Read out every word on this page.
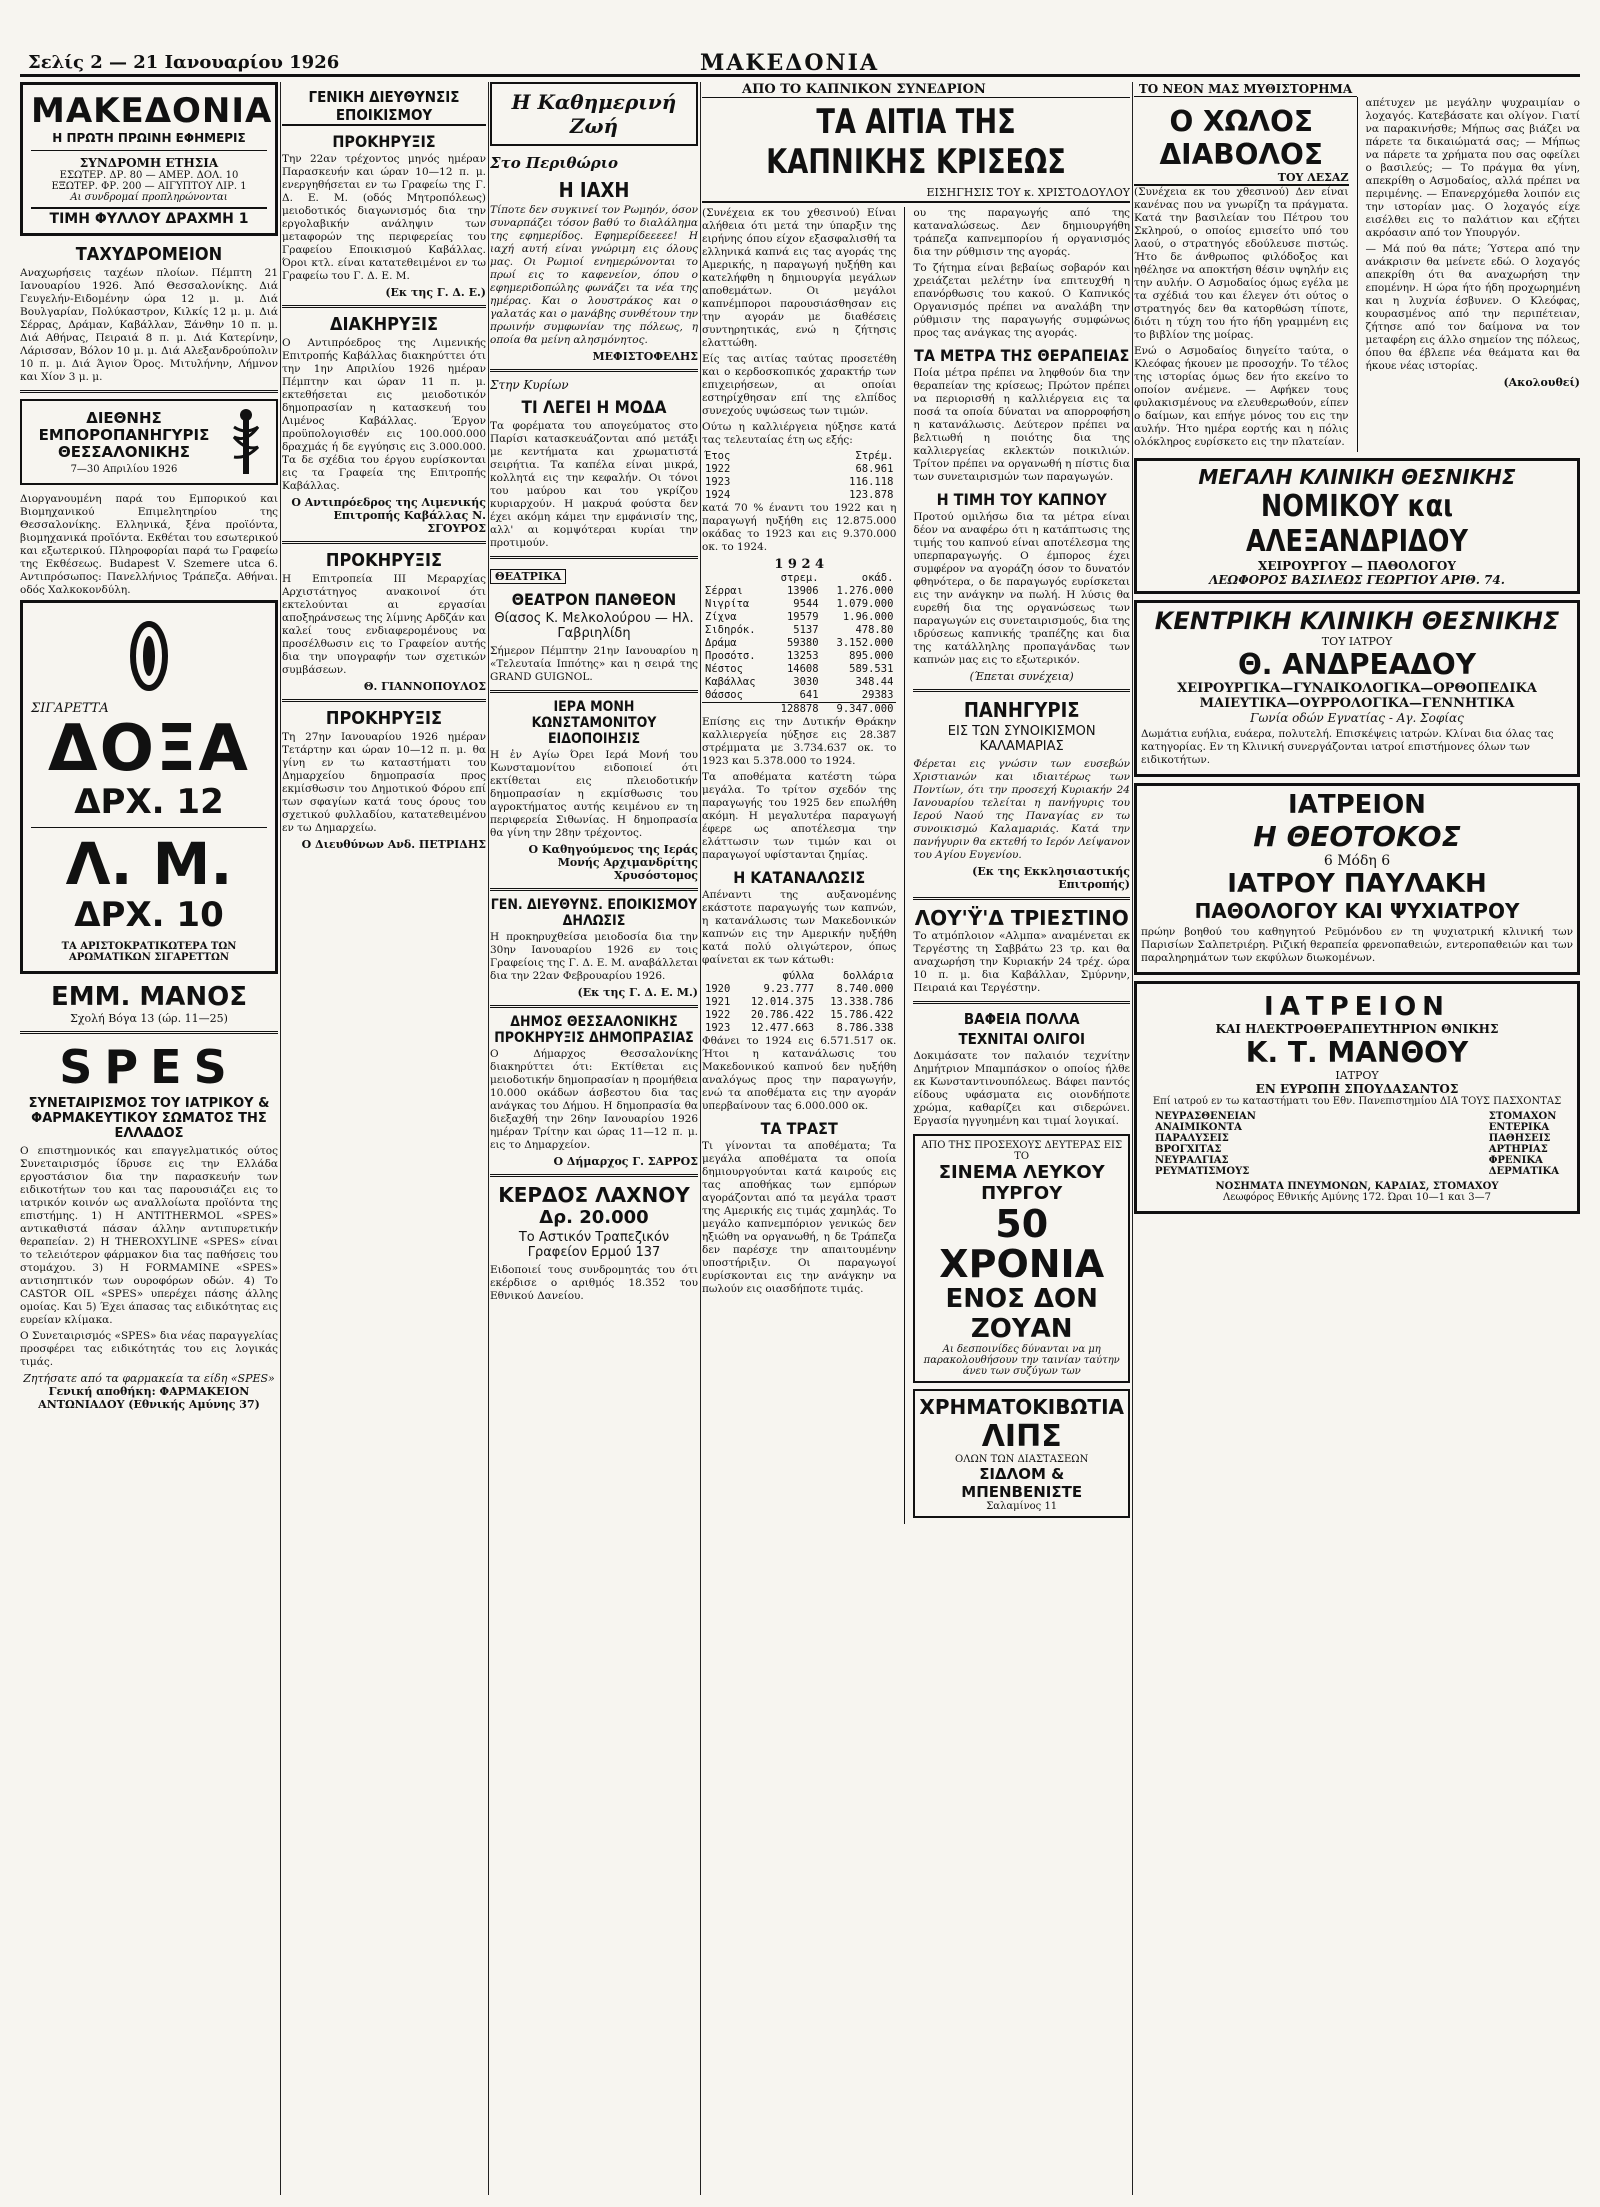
Σελίς 2 — 21 Ιανουαρίου 1926	ΜΑΚΕΔΟΝΙΑ
ΜΑΚΕΔΟΝΙΑ
Η ΠΡΩΤΗ ΠΡΩΙΝΗ ΕΦΗΜΕΡΙΣ
ΣΥΝΔΡΟΜΗ ΕΤΗΣΙΑ
ΕΣΩΤΕΡ. ΔΡ. 80 — ΑΜΕΡ. ΔΟΛ. 10
ΕΞΩΤΕΡ. ΦΡ. 200 — ΑΙΓΥΠΤΟΥ ΛΙΡ. 1
Αι συνδρομαί προπληρώνονται
ΤΙΜΗ ΦΥΛΛΟΥ ΔΡΑΧΜΗ 1
ΤΑΧΥΔΡΟΜΕΙΟΝ

Αναχωρήσεις ταχέων πλοίων. Πέμπτη 21 Ιανουαρίου 1926. Ἀπό Θεσσαλονίκης. Διά Γευγελήν-Ειδομένην ώρα 12 μ. μ. Διά Βουλγαρίαν, Πολύκαστρον, Κιλκίς 12 μ. μ. Διά Σέρρας, Δράμαν, Καβάλλαν, Ξάνθην 10 π. μ. Διά Αθήνας, Πειραιά 8 π. μ. Διά Κατερίνην, Λάρισσαν, Βόλον 10 μ. μ. Διά Αλεξανδρούπολιν 10 π. μ. Διά Άγιον Όρος. Μιτυλήνην, Λήμνον και Χίον 3 μ. μ.

ΔΙΕΘΝΗΣ ΕΜΠΟΡΟΠΑΝΗΓΥΡΙΣ ΘΕΣΣΑΛΟΝΙΚΗΣ
7—30 Απριλίου 1926

Διοργανουμένη παρά του Εμπορικού και Βιομηχανικού Επιμελητηρίου της Θεσσαλονίκης. Ελληνικά, ξένα προϊόντα, βιομηχανικά προϊόντα. Εκθέται του εσωτερικού και εξωτερικού. Πληροφορίαι παρά τω Γραφείω της Εκθέσεως. Budapest V. Szemere utca 6. Αντιπρόσωπος: Πανελλήνιος Τράπεζα. Αθήναι. οδός Χαλκοκονδύλη.

ΣΙΓΑΡΕΤΤΑ
ΔΟΞΑ
ΔΡΧ. 12
Λ. Μ.
ΔΡΧ. 10
ΤΑ ΑΡΙΣΤΟΚΡΑΤΙΚΩΤΕΡΑ ΤΩΝ ΑΡΩΜΑΤΙΚΩΝ ΣΙΓΑΡΕΤΤΩΝ
ΕΜΜ. ΜΑΝΟΣ
Σχολή Βόγα 13 (ώρ. 11—25)
SPES
ΣΥΝΕΤΑΙΡΙΣΜΟΣ ΤΟΥ ΙΑΤΡΙΚΟΥ & ΦΑΡΜΑΚΕΥΤΙΚΟΥ ΣΩΜΑΤΟΣ ΤΗΣ ΕΛΛΑΔΟΣ

Ο επιστημονικός και επαγγελματικός ούτος Συνεταιρισμός ίδρυσε εις την Ελλάδα εργοστάσιον δια την παρασκευήν των ειδικοτήτων του και τας παρουσιάζει εις το ιατρικόν κοινόν ως αναλλοίωτα προϊόντα της επιστήμης. 1) Η ANTITHERMOL «SPES» αντικαθιστά πάσαν άλλην αντιπυρετικήν θεραπείαν. 2) Η THEROXYLINE «SPES» είναι το τελειότερον φάρμακον δια τας παθήσεις του στομάχου. 3) Η FORMAMINE «SPES» αντισηπτικόν των ουροφόρων οδών. 4) Το CASTOR OIL «SPES» υπερέχει πάσης άλλης ομοίας. Και 5) Έχει άπασας τας ειδικότητας εις ευρείαν κλίμακα.

Ο Συνεταιρισμός «SPES» δια νέας παραγγελίας προσφέρει τας ειδικότητάς του εις λογικάς τιμάς.

Ζητήσατε από τα φαρμακεία τα είδη «SPES»
Γενική αποθήκη: ΦΑΡΜΑΚΕΙΟΝ ΑΝΤΩΝΙΑΔΟΥ (Εθνικής Αμύνης 37)
ΓΕΝΙΚΗ ΔΙΕΥΘΥΝΣΙΣ ΕΠΟΙΚΙΣΜΟΥ
ΠΡΟΚΗΡΥΞΙΣ

Την 22αν τρέχοντος μηνός ημέραν Παρασκευήν και ώραν 10—12 π. μ. ενεργηθήσεται εν τω Γραφείω της Γ. Δ. Ε. Μ. (οδός Μητροπόλεως) μειοδοτικός διαγωνισμός δια την εργολαβικήν ανάληψιν των μεταφορών της περιφερείας του Γραφείου Εποικισμού Καβάλλας. Όροι κτλ. είναι κατατεθειμένοι εν τω Γραφείω του Γ. Δ. Ε. Μ.

(Εκ της Γ. Δ. Ε.)
ΔΙΑΚΗΡΥΞΙΣ

Ο Αντιπρόεδρος της Λιμενικής Επιτροπής Καβάλλας διακηρύττει ότι την 1ην Απριλίου 1926 ημέραν Πέμπτην και ώραν 11 π. μ. εκτεθήσεται εις μειοδοτικόν δημοπρασίαν η κατασκευή του Λιμένος Καβάλλας. Έργον προϋπολογισθέν εις 100.000.000 δραχμάς ή δε εγγύησις εις 3.000.000. Τα δε σχέδια του έργου ευρίσκονται εις τα Γραφεία της Επιτροπής Καβάλλας.

Ο Αντιπρόεδρος της Λιμενικής Επιτροπής Καβάλλας Ν. ΣΓΟΥΡΟΣ
ΠΡΟΚΗΡΥΞΙΣ

Η Επιτροπεία ΙΙΙ Μεραρχίας Αρχιστάτηγος ανακοινοί ότι εκτελούνται αι εργασίαι αποξηράνσεως της λίμνης Αρδζάν και καλεί τους ενδιαφερομένους να προσέλθωσιν εις το Γραφείον αυτής δια την υπογραφήν των σχετικών συμβάσεων.

Θ. ΓΙΑΝΝΟΠΟΥΛΟΣ
ΠΡΟΚΗΡΥΞΙΣ

Τη 27ην Ιανουαρίου 1926 ημέραν Τετάρτην και ώραν 10—12 π. μ. θα γίνη εν τω καταστήματι του Δημαρχείου δημοπρασία προς εκμίσθωσιν του Δημοτικού Φόρου επί των σφαγίων κατά τους όρους του σχετικού φυλλαδίου, κατατεθειμένου εν τω Δημαρχείω.

Ο Διευθύνων Ανδ. ΠΕΤΡΙΔΗΣ
Η Καθημερινή Ζωή
Στο Περιθώριο
Η ΙΑΧΗ

Τίποτε δεν συγκινεί τον Ρωμηόν, όσον συναρπάζει τόσον βαθύ το διαλάλημα της εφημερίδος. Εφημερίδεεεεε! Η ιαχή αυτή είναι γνώριμη εις όλους μας. Οι Ρωμιοί ενημερώνονται το πρωί εις το καφενείον, όπου ο εφημεριδοπώλης φωνάζει τα νέα της ημέρας. Και ο λουστράκος και ο γαλατάς και ο μανάβης συνθέτουν την πρωινήν συμφωνίαν της πόλεως, η οποία θα μείνη αλησμόνητος.

ΜΕΦΙΣΤΟΦΕΛΗΣ
Στην Κυρίων
ΤΙ ΛΕΓΕΙ Η ΜΟΔΑ

Τα φορέματα του απογεύματος στο Παρίσι κατασκευάζονται από μετάξι με κεντήματα και χρωματιστά σειρήτια. Τα καπέλα είναι μικρά, κολλητά εις την κεφαλήν. Οι τόνοι του μαύρου και του γκρίζου κυριαρχούν. Η μακρυά φούστα δεν έχει ακόμη κάμει την εμφάνισίν της, αλλ' αι κομψότεραι κυρίαι την προτιμούν.

ΘΕΑΤΡΙΚΑ
ΘΕΑΤΡΟΝ ΠΑΝΘΕΟΝ
Θίασος Κ. Μελκολούρου — Ηλ. Γαβριηλίδη

Σήμερον Πέμπτην 21ην Ιανουαρίου η «Τελευταία Ιππότης» και η σειρά της GRAND GUIGNOL.

ΙΕΡΑ ΜΟΝΗ ΚΩΝΣΤΑΜΟΝΙΤΟΥ ΕΙΔΟΠΟΙΗΣΙΣ

Η ἐν Αγίω Όρει Ιερά Μονή του Κωνσταμονίτου ειδοποιεί ότι εκτίθεται εις πλειοδοτικήν δημοπρασίαν η εκμίσθωσις του αγροκτήματος αυτής κειμένου εν τη περιφερεία Σιθωνίας. Η δημοπρασία θα γίνη την 28ην τρέχοντος.

Ο Καθηγούμενος της Ιεράς Μονής Αρχιμανδρίτης Χρυσόστομος
ΓΕΝ. ΔΙΕΥΘΥΝΣ. ΕΠΟΙΚΙΣΜΟΥ ΔΗΛΩΣΙΣ

Η προκηρυχθείσα μειοδοσία δια την 30ην Ιανουαρίου 1926 εν τοις Γραφείοις της Γ. Δ. Ε. Μ. αναβάλλεται δια την 22αν Φεβρουαρίου 1926.

(Εκ της Γ. Δ. Ε. Μ.)
ΔΗΜΟΣ ΘΕΣΣΑΛΟΝΙΚΗΣ ΠΡΟΚΗΡΥΞΙΣ ΔΗΜΟΠΡΑΣΙΑΣ

Ο Δήμαρχος Θεσσαλονίκης διακηρύττει ότι: Εκτίθεται εις μειοδοτικήν δημοπρασίαν η προμήθεια 10.000 οκάδων άσβεστου δια τας ανάγκας του Δήμου. Η δημοπρασία θα διεξαχθή την 26ην Ιανουαρίου 1926 ημέραν Τρίτην και ώρας 11—12 π. μ. εις το Δημαρχείον.

Ο Δήμαρχος Γ. ΣΑΡΡΟΣ
ΚΕΡΔΟΣ ΛΑΧΝΟΥ
Δρ. 20.000
Το Αστικόν Τραπεζικόν Γραφείον Ερμού 137

Ειδοποιεί τους συνδρομητάς του ότι εκέρδισε ο αριθμός 18.352 του Εθνικού Δανείου.

ΑΠΟ ΤΟ ΚΑΠΝΙΚΟΝ ΣΥΝΕΔΡΙΟΝ
ΤΑ ΑΙΤΙΑ ΤΗΣ ΚΑΠΝΙΚΗΣ ΚΡΙΣΕΩΣ
ΕΙΣΗΓΗΣΙΣ ΤΟΥ κ. ΧΡΙΣΤΟΔΟΥΛΟΥ

(Συνέχεια εκ του χθεσινού) Είναι αλήθεια ότι μετά την ύπαρξιν της ειρήνης όπου είχον εξασφαλισθή τα ελληνικά καπνά εις τας αγοράς της Αμερικής, η παραγωγή ηυξήθη και κατελήφθη η δημιουργία μεγάλων αποθεμάτων. Οι μεγάλοι καπνέμποροι παρουσιάσθησαν εις την αγοράν με διαθέσεις συντηρητικάς, ενώ η ζήτησις ελαττώθη.

Είς τας αιτίας ταύτας προσετέθη και ο κερδοσκοπικός χαρακτήρ των επιχειρήσεων, αι οποίαι εστηρίχθησαν επί της ελπίδος συνεχούς υψώσεως των τιμών.

Ούτω η καλλιέργεια ηύξησε κατά τας τελευταίας έτη ως εξής:

Έτος	Στρέμ.
1922	68.961
1923	116.118
1924	123.878

κατά 70 % έναντι του 1922 και η παραγωγή ηυξήθη εις 12.875.000 οκάδας το 1923 και εις 9.370.000 οκ. το 1924.

1 9 2 4
	στρεμ.	οκάδ.
Σέρραι	13906	1.276.000
Νιγρίτα	9544	1.079.000
Ζίχνα	19579	1.96.000
Σιδηρόκ.	5137	478.80
Δράμα	59380	3.152.000
Προσότσ.	13253	895.000
Νέστος	14608	589.531
Καβάλλας	3030	348.44
Θάσσος	641	29383
	128878	9.347.000

Επίσης εις την Δυτικήν Θράκην καλλιεργεία ηύξησε εις 28.387 στρέμματα με 3.734.637 οκ. το 1923 και 5.378.000 το 1924.

Τα αποθέματα κατέστη τώρα μεγάλα. Το τρίτον σχεδόν της παραγωγής του 1925 δεν επωλήθη ακόμη. Η μεγαλυτέρα παραγωγή έφερε ως αποτέλεσμα την ελάττωσιν των τιμών και οι παραγωγοί υφίστανται ζημίας.

Η ΚΑΤΑΝΑΛΩΣΙΣ

Απέναντι της αυξανομένης εκάστοτε παραγωγής των καπνών, η κατανάλωσις των Μακεδονικών καπνών εις την Αμερικήν ηυξήθη κατά πολύ ολιγώτερον, όπως φαίνεται εκ των κάτωθι:

	φύλλα	δολλάρια
1920	9.23.777	8.740.000
1921	12.014.375	13.338.786
1922	20.786.422	15.786.422
1923	12.477.663	8.786.338

Φθάνει το 1924 εις 6.571.517 οκ. Ήτοι η κατανάλωσις του Μακεδονικού καπνού δεν ηυξήθη αναλόγως προς την παραγωγήν, ενώ τα αποθέματα εις την αγοράν υπερβαίνουν τας 6.000.000 οκ.

ΤΑ ΤΡΑΣΤ

Τι γίνονται τα αποθέματα; Τα μεγάλα αποθέματα τα οποία δημιουργούνται κατά καιρούς εις τας αποθήκας των εμπόρων αγοράζονται από τα μεγάλα τραστ της Αμερικής εις τιμάς χαμηλάς. Το μεγάλο καπνεμπόριον γενικώς δεν ηξιώθη να οργανωθή, η δε Τράπεζα δεν παρέσχε την απαιτουμένην υποστήριξιν. Οι παραγωγοί ευρίσκονται εις την ανάγκην να πωλούν εις οιασδήποτε τιμάς.

ου της παραγωγής από της καταναλώσεως. Δεν δημιουργήθη τράπεζα καπνεμπορίου ή οργανισμός δια την ρύθμισιν της αγοράς.

Το ζήτημα είναι βεβαίως σοβαρόν και χρειάζεται μελέτην ίνα επιτευχθή η επανόρθωσις του κακού. Ο Καπνικός Οργανισμός πρέπει να αναλάβη την ρύθμισιν της παραγωγής συμφώνως προς τας ανάγκας της αγοράς.

ΤΑ ΜΕΤΡΑ ΤΗΣ ΘΕΡΑΠΕΙΑΣ

Ποία μέτρα πρέπει να ληφθούν δια την θεραπείαν της κρίσεως; Πρώτον πρέπει να περιορισθή η καλλιέργεια εις τα ποσά τα οποία δύναται να απορροφήση η κατανάλωσις. Δεύτερον πρέπει να βελτιωθή η ποιότης δια της καλλιεργείας εκλεκτών ποικιλιών. Τρίτον πρέπει να οργανωθή η πίστις δια των συνεταιρισμών των παραγωγών.

Η ΤΙΜΗ ΤΟΥ ΚΑΠΝΟΥ

Προτού ομιλήσω δια τα μέτρα είναι δέον να αναφέρω ότι η κατάπτωσις της τιμής του καπνού είναι αποτέλεσμα της υπερπαραγωγής. Ο έμπορος έχει συμφέρον να αγοράζη όσον το δυνατόν φθηνότερα, ο δε παραγωγός ευρίσκεται εις την ανάγκην να πωλή. Η λύσις θα ευρεθή δια της οργανώσεως των παραγωγών εις συνεταιρισμούς, δια της ιδρύσεως καπνικής τραπέζης και δια της κατάλληλης προπαγάνδας των καπνών μας εις το εξωτερικόν.

(Έπεται συνέχεια)
ΠΑΝΗΓΥΡΙΣ
ΕΙΣ ΤΩΝ ΣΥΝΟΙΚΙΣΜΟΝ ΚΑΛΑΜΑΡΙΑΣ

Φέρεται εις γνώσιν των ευσεβών Χριστιανών και ιδιαιτέρως των Ποντίων, ότι την προσεχή Κυριακήν 24 Ιανουαρίου τελείται η πανήγυρις του Ιερού Ναού της Παναγίας εν τω συνοικισμώ Καλαμαριάς. Κατά την πανήγυριν θα εκτεθή το Ιερόν Λείψανον του Αγίου Ευγενίου.

(Εκ της Εκκλησιαστικής Επιτροπής)
ΛΟΥ'Ϋ'Δ ΤΡΙΕΣΤΙΝΟ

Το ατμόπλοιον «Αλμπα» αναμένεται εκ Τεργέστης τη Σαββάτω 23 τρ. και θα αναχωρήση την Κυριακήν 24 τρέχ. ώρα 10 π. μ. δια Καβάλλαν, Σμύρνην, Πειραιά και Τεργέστην.

ΒΑΦΕΙΑ ΠΟΛΛΑ
ΤΕΧΝΙΤΑΙ ΟΛΙΓΟΙ

Δοκιμάσατε τον παλαιόν τεχνίτην Δημήτριον Μπαμπάσκον ο οποίος ήλθε εκ Κωνσταντινουπόλεως. Βάφει παντός είδους υφάσματα εις οιονδήποτε χρώμα, καθαρίζει και σιδερώνει. Εργασία ηγγυημένη και τιμαί λογικαί.

ΑΠΟ ΤΗΣ ΠΡΟΣΕΧΟΥΣ ΔΕΥΤΕΡΑΣ ΕΙΣ ΤΟ
ΣΙΝΕΜΑ ΛΕΥΚΟΥ ΠΥΡΓΟΥ
50 ΧΡΟΝΙΑ
ΕΝΟΣ ΔΟΝ ΖΟΥΑΝ
Αι δεσποινίδες δύνανται να μη παρακολουθήσουν την ταινίαν ταύτην άνευ των συζύγων των
ΧΡΗΜΑΤΟΚΙΒΩΤΙΑ
ΛΙΠΣ
ΟΛΩΝ ΤΩΝ ΔΙΑΣΤΑΣΕΩΝ
ΣΙΔΛΟΜ & ΜΠΕΝΒΕΝΙΣΤΕ
Σαλαμίνος 11
ΤΟ ΝΕΟΝ ΜΑΣ ΜΥΘΙΣΤΟΡΗΜΑ
Ο ΧΩΛΟΣ ΔΙΑΒΟΛΟΣ
ΤΟΥ ΛΕΣΑΖ

(Συνέχεια εκ του χθεσινού) Δεν είναι κανένας που να γνωρίζη τα πράγματα. Κατά την βασιλείαν του Πέτρου του Σκληρού, ο οποίος εμισείτο υπό του λαού, ο στρατηγός εδούλευσε πιστώς. Ήτο δε άνθρωπος φιλόδοξος και ηθέλησε να αποκτήση θέσιν υψηλήν εις την αυλήν. Ο Ασμοδαίος όμως εγέλα με τα σχέδιά του και έλεγεν ότι ούτος ο στρατηγός δεν θα κατορθώση τίποτε, διότι η τύχη του ήτο ήδη γραμμένη εις το βιβλίον της μοίρας.

Ενώ ο Ασμοδαίος διηγείτο ταύτα, ο Κλεόφας ήκουεν με προσοχήν. Το τέλος της ιστορίας όμως δεν ήτο εκείνο το οποίον ανέμενε. — Αφήκεν τους φυλακισμένους να ελευθερωθούν, είπεν ο δαίμων, και επήγε μόνος του εις την αυλήν. Ήτο ημέρα εορτής και η πόλις ολόκληρος ευρίσκετο εις την πλατείαν.

απέτυχεν με μεγάλην ψυχραιμίαν ο λοχαγός. Κατεβάσατε και ολίγον. Γιατί να παρακινήσθε; Μήπως σας βιάζει να πάρετε τα δικαιώματά σας; — Μήπως να πάρετε τα χρήματα που σας οφείλει ο βασιλεύς; — Το πράγμα θα γίνη, απεκρίθη ο Ασμοδαίος, αλλά πρέπει να περιμένης. — Επανερχόμεθα λοιπόν εις την ιστορίαν μας. Ο λοχαγός είχε εισέλθει εις το παλάτιον και εζήτει ακρόασιν από τον Υπουργόν.

— Μά πού θα πάτε; Ύστερα από την ανάκρισιν θα μείνετε εδώ. Ο λοχαγός απεκρίθη ότι θα αναχωρήση την επομένην. Η ώρα ήτο ήδη προχωρημένη και η λυχνία έσβυνεν. Ο Κλεόφας, κουρασμένος από την περιπέτειαν, ζήτησε από τον δαίμονα να τον μεταφέρη εις άλλο σημείον της πόλεως, όπου θα έβλεπε νέα θεάματα και θα ήκουε νέας ιστορίας.

(Ακολουθεί)
ΜΕΓΑΛΗ ΚΛΙΝΙΚΗ ΘΕΣΝΙΚΗΣ
ΝΟΜΙΚΟΥ και ΑΛΕΞΑΝΔΡΙΔΟΥ
ΧΕΙΡΟΥΡΓΟΥ — ΠΑΘΟΛΟΓΟΥ
ΛΕΩΦΟΡΟΣ ΒΑΣΙΛΕΩΣ ΓΕΩΡΓΙΟΥ ΑΡΙΘ. 74.
ΚΕΝΤΡΙΚΗ ΚΛΙΝΙΚΗ ΘΕΣΝΙΚΗΣ
ΤΟΥ ΙΑΤΡΟΥ
Θ. ΑΝΔΡΕΑΔΟΥ
ΧΕΙΡΟΥΡΓΙΚΑ—ΓΥΝΑΙΚΟΛΟΓΙΚΑ—ΟΡΘΟΠΕΔΙΚΑ
ΜΑΙΕΥΤΙΚΑ—ΟΥΡΡΟΛΟΓΙΚΑ—ΓΕΝΝΗΤΙΚΑ
Γωνία οδών Εγνατίας - Αγ. Σοφίας

Δωμάτια ευήλια, ευάερα, πολυτελή. Επισκέψεις ιατρών. Κλίναι δια όλας τας κατηγορίας. Εν τη Κλινική συνεργάζονται ιατροί επιστήμονες όλων των ειδικοτήτων.

ΙΑΤΡΕΙΟΝ
Η ΘΕΟΤΟΚΟΣ
6 Μόδη 6
ΙΑΤΡΟΥ ΠΑΥΛΑΚΗ
ΠΑΘΟΛΟΓΟΥ ΚΑΙ ΨΥΧΙΑΤΡΟΥ

πρώην βοηθού του καθηγητού Ρεϋμόνδου εν τη ψυχιατρική κλινική των Παρισίων Σαλπετριέρη. Ριζική θεραπεία φρενοπαθειών, εντεροπαθειών και των παραληρημάτων των εκφύλων διωκομένων.

ΙΑΤΡΕΙΟΝ
ΚΑΙ ΗΛΕΚΤΡΟΘΕΡΑΠΕΥΤΗΡΙΟΝ ΘΝΙΚΗΣ
Κ. Τ. ΜΑΝΘΟΥ
ΙΑΤΡΟΥ
ΕΝ ΕΥΡΩΠΗ ΣΠΟΥΔΑΣΑΝΤΟΣ
Επί ιατρού εν τω καταστήματι του Εθν. Πανεπιστημίου ΔΙΑ ΤΟΥΣ ΠΑΣΧΟΝΤΑΣ
ΝΕΥΡΑΣΘΕΝΕΙΑΝ
ΑΝΑΙΜΙΚΟΝΤΑ
ΠΑΡΑΛΥΣΕΙΣ
ΒΡΟΓΧΙΤΑΣ
ΝΕΥΡΑΛΓΙΑΣ
ΡΕΥΜΑΤΙΣΜΟΥΣ
ΣΤΟΜΑΧΟΝ
ΕΝΤΕΡΙΚΑ
ΠΑΘΗΣΕΙΣ
ΑΡΤΗΡΙΑΣ
ΦΡΕΝΙΚΑ
ΔΕΡΜΑΤΙΚΑ
ΝΟΣΗΜΑΤΑ ΠΝΕΥΜΟΝΩΝ, ΚΑΡΔΙΑΣ, ΣΤΟΜΑΧΟΥ
Λεωφόρος Εθνικής Αμύνης 172. Ώραι 10—1 και 3—7
